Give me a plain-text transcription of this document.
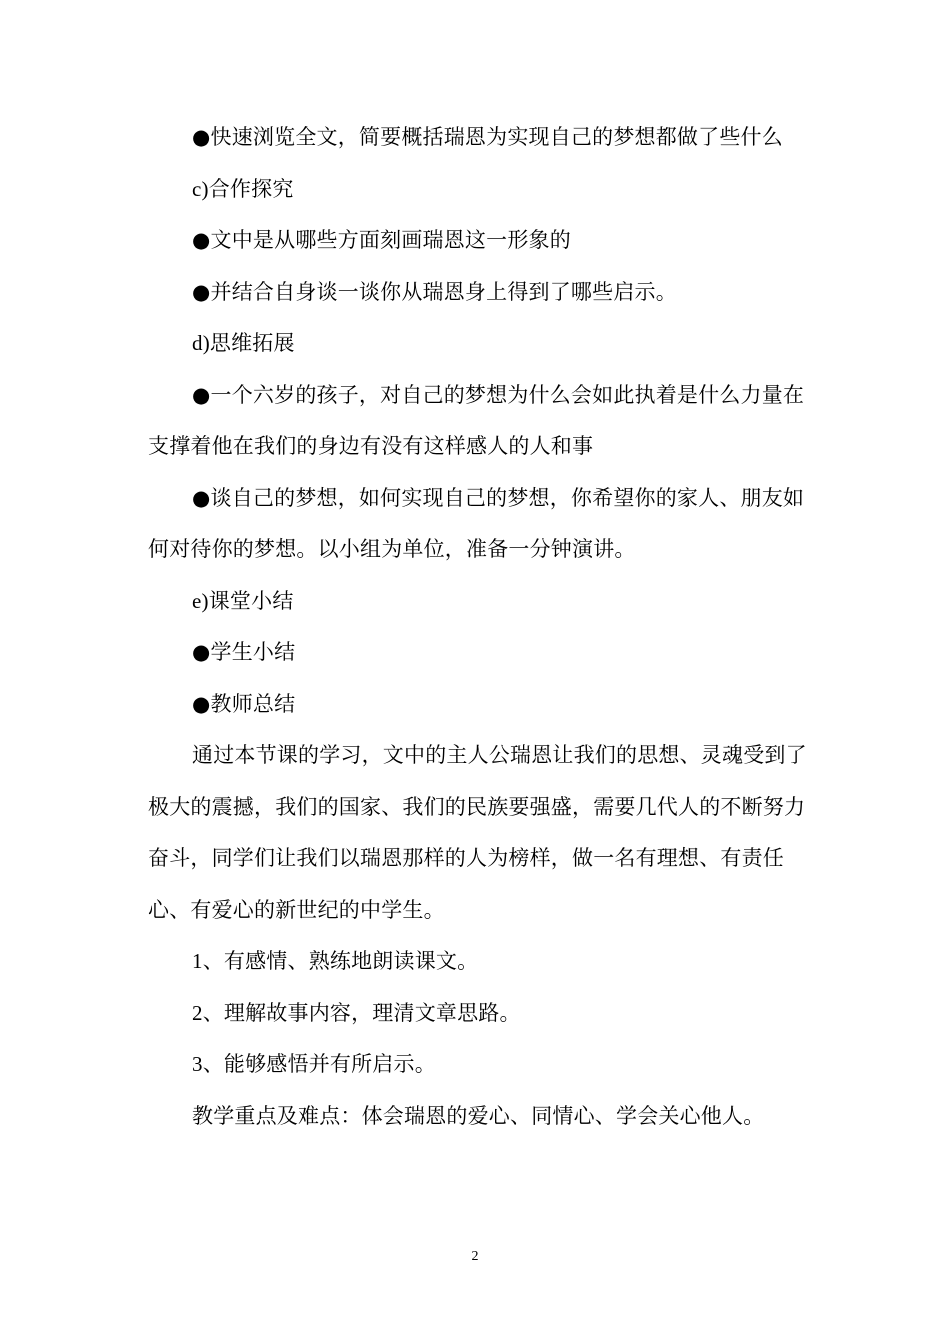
●快速浏览全文，简要概括瑞恩为实现自己的梦想都做了些什么

c)合作探究

●文中是从哪些方面刻画瑞恩这一形象的

●并结合自身谈一谈你从瑞恩身上得到了哪些启示。

d)思维拓展

●一个六岁的孩子，对自己的梦想为什么会如此执着是什么力量在支撑着他在我们的身边有没有这样感人的人和事

●谈自己的梦想，如何实现自己的梦想，你希望你的家人、朋友如何对待你的梦想。以小组为单位，准备一分钟演讲。

e)课堂小结

●学生小结

●教师总结

通过本节课的学习，文中的主人公瑞恩让我们的思想、灵魂受到了极大的震撼，我们的国家、我们的民族要强盛，需要几代人的不断努力奋斗，同学们让我们以瑞恩那样的人为榜样，做一名有理想、有责任心、有爱心的新世纪的中学生。

1、有感情、熟练地朗读课文。

2、理解故事内容，理清文章思路。

3、能够感悟并有所启示。

教学重点及难点：体会瑞恩的爱心、同情心、学会关心他人。

2
